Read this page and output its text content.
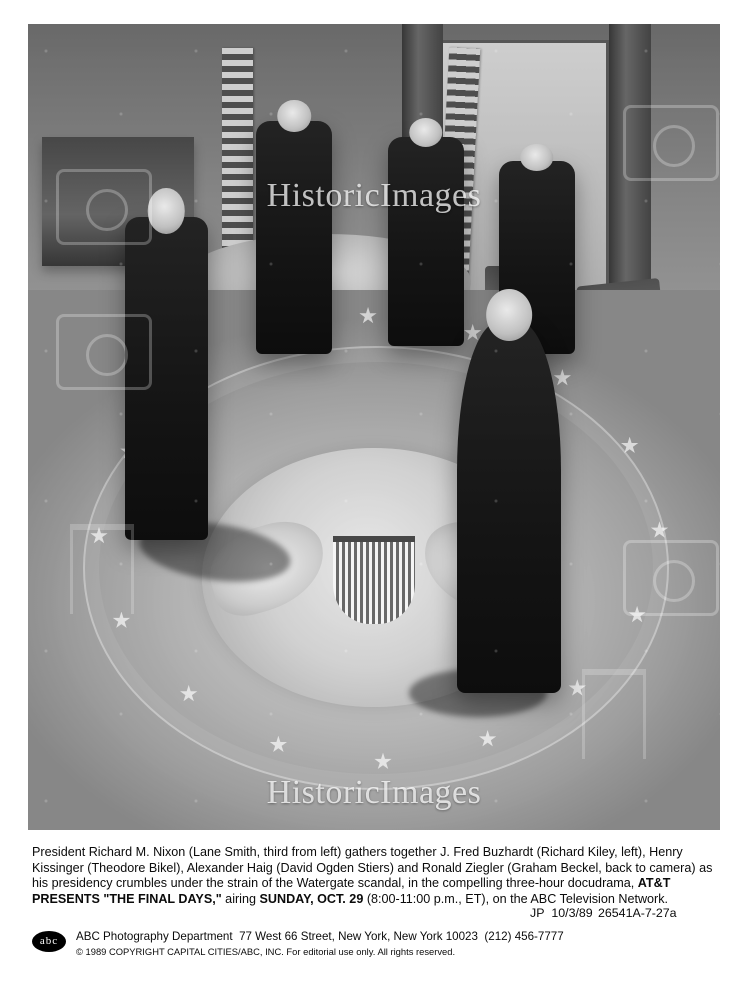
HistoricImages
HistoricImages
President Richard M. Nixon (Lane Smith, third from left) gathers together J. Fred Buzhardt (Richard Kiley, left), Henry Kissinger (Theodore Bikel), Alexander Haig (David Ogden Stiers) and Ronald Ziegler (Graham Beckel, back to camera) as his presidency crumbles under the strain of the Watergate scandal, in the compelling three-hour docudrama, AT&T PRESENTS "THE FINAL DAYS," airing SUNDAY, OCT. 29 (8:00-11:00 p.m., ET), on the ABC Television Network.
JP 10/3/89 26541A-7-27a
abc	ABC Photography Department 77 West 66 Street, New York, New York 10023 (212) 456-7777
© 1989 COPYRIGHT CAPITAL CITIES/ABC, INC. For editorial use only. All rights reserved.
